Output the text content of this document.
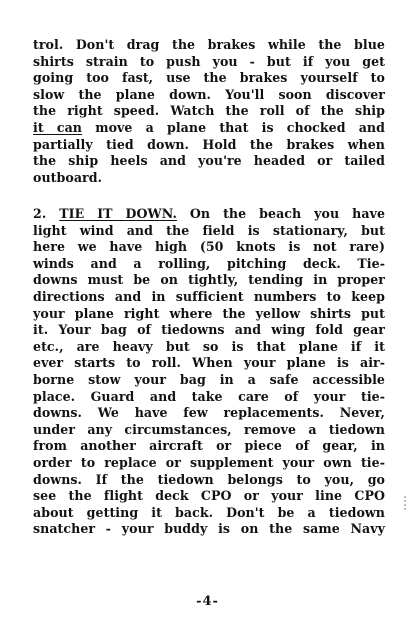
trol. Don't drag the brakes while the blue
shirts strain to push you - but if you get
going too fast, use the brakes yourself to
slow the plane down. You'll soon discover
the right speed. Watch the roll of the ship
it can move a plane that is chocked and
partially tied down. Hold the brakes when
the ship heels and you're headed or tailed
outboard.
2. TIE IT DOWN. On the beach you have
light wind and the field is stationary, but
here we have high (50 knots is not rare)
winds and a rolling, pitching deck. Tie-
downs must be on tightly, tending in proper
directions and in sufficient numbers to keep
your plane right where the yellow shirts put
it. Your bag of tiedowns and wing fold gear
etc., are heavy but so is that plane if it
ever starts to roll. When your plane is air-
borne stow your bag in a safe accessible
place. Guard and take care of your tie-
downs. We have few replacements. Never,
under any circumstances, remove a tiedown
from another aircraft or piece of gear, in
order to replace or supplement your own tie-
downs. If the tiedown belongs to you, go
see the flight deck CPO or your line CPO
about getting it back. Don't be a tiedown
snatcher - your buddy is on the same Navy
-4-
